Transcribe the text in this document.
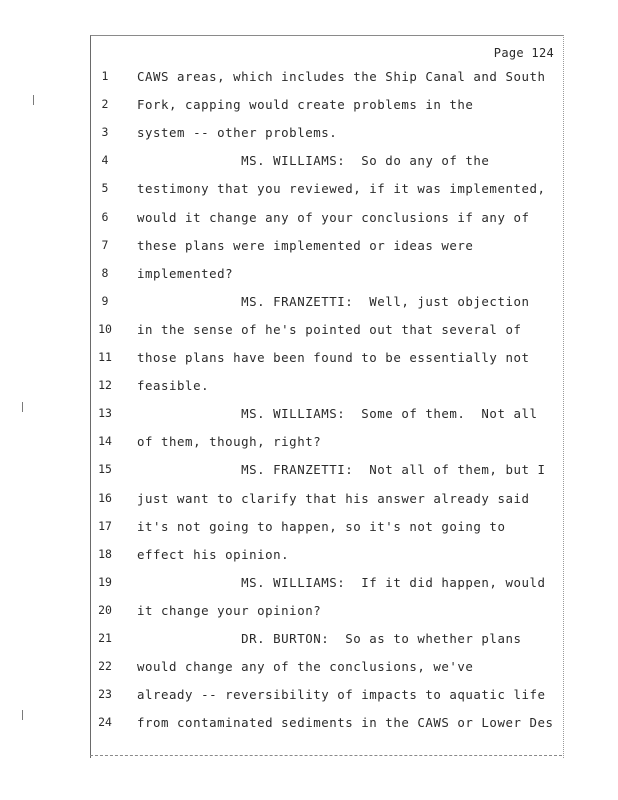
Page 124
1	CAWS areas, which includes the Ship Canal and South
2	Fork, capping would create problems in the
3	system -- other problems.
4	MS. WILLIAMS:  So do any of the
5	testimony that you reviewed, if it was implemented,
6	would it change any of your conclusions if any of
7	these plans were implemented or ideas were
8	implemented?
9	MS. FRANZETTI:  Well, just objection
10 in the sense of he's pointed out that several of
11 those plans have been found to be essentially not
12 feasible.
13 MS. WILLIAMS:  Some of them.  Not all
14 of them, though, right?
15 MS. FRANZETTI:  Not all of them, but I
16 just want to clarify that his answer already said
17 it's not going to happen, so it's not going to
18 effect his opinion.
19 MS. WILLIAMS:  If it did happen, would
20 it change your opinion?
21 DR. BURTON:  So as to whether plans
22 would change any of the conclusions, we've
23 already -- reversibility of impacts to aquatic life
24 from contaminated sediments in the CAWS or Lower Des
